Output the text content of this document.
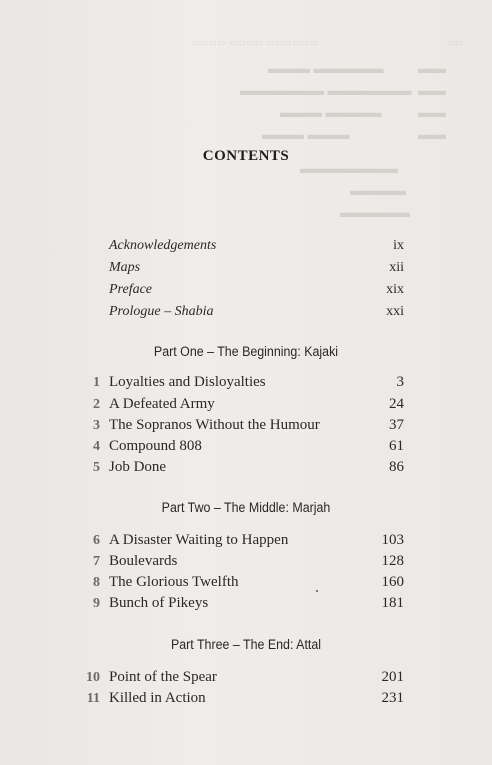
▭▭▭▭ ▭▭▭▭ ▭▭▭▭▭▭	▭▭
▬▬▬ ▬▬▬▬▬ ▬▬
▬▬▬▬▬▬ ▬▬▬▬▬▬ ▬▬
▬▬▬ ▬▬▬▬	▬▬
▬▬▬ ▬▬▬	▬▬
▬▬▬▬▬▬▬
▬▬▬▬
▬▬▬▬▬
CONTENTS
Acknowledgements	ix
Maps	xii
Preface	xix
Prologue – Shabia	xxi
Part One – The Beginning: Kajaki
1 Loyalties and Disloyalties	3
2 A Defeated Army	24
3 The Sopranos Without the Humour	37
4 Compound 808	61
5 Job Done	86
Part Two – The Middle: Marjah
6 A Disaster Waiting to Happen	103
7 Boulevards	128
8 The Glorious Twelfth	160
9 Bunch of Pikeys	181
Part Three – The End: Attal
10 Point of the Spear	201
11 Killed in Action	231
